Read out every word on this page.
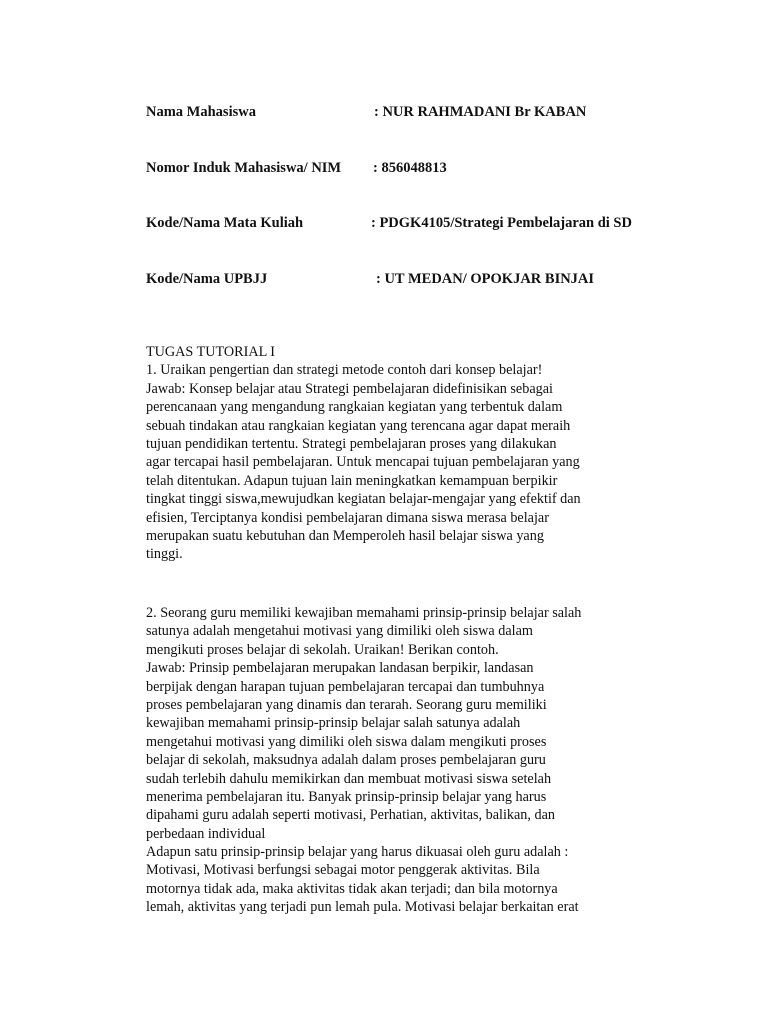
Nama Mahasiswa	: NUR RAHMADANI Br KABAN
Nomor Induk Mahasiswa/ NIM : 856048813
Kode/Nama Mata Kuliah	: PDGK4105/Strategi Pembelajaran di SD
Kode/Nama UPBJJ	: UT MEDAN/ OPOKJAR BINJAI
TUGAS TUTORIAL I
1. Uraikan pengertian dan strategi metode contoh dari konsep belajar!
Jawab: Konsep belajar atau Strategi pembelajaran didefinisikan sebagai
perencanaan yang mengandung rangkaian kegiatan yang terbentuk dalam
sebuah tindakan atau rangkaian kegiatan yang terencana agar dapat meraih
tujuan pendidikan tertentu. Strategi pembelajaran proses yang dilakukan
agar tercapai hasil pembelajaran. Untuk mencapai tujuan pembelajaran yang
telah ditentukan. Adapun tujuan lain meningkatkan kemampuan berpikir
tingkat tinggi siswa,mewujudkan kegiatan belajar-mengajar yang efektif dan
efisien, Terciptanya kondisi pembelajaran dimana siswa merasa belajar
merupakan suatu kebutuhan dan Memperoleh hasil belajar siswa yang
tinggi.
2. Seorang guru memiliki kewajiban memahami prinsip-prinsip belajar salah
satunya adalah mengetahui motivasi yang dimiliki oleh siswa dalam
mengikuti proses belajar di sekolah. Uraikan! Berikan contoh.
Jawab: Prinsip pembelajaran merupakan landasan berpikir, landasan
berpijak dengan harapan tujuan pembelajaran tercapai dan tumbuhnya
proses pembelajaran yang dinamis dan terarah. Seorang guru memiliki
kewajiban memahami prinsip-prinsip belajar salah satunya adalah
mengetahui motivasi yang dimiliki oleh siswa dalam mengikuti proses
belajar di sekolah, maksudnya adalah dalam proses pembelajaran guru
sudah terlebih dahulu memikirkan dan membuat motivasi siswa setelah
menerima pembelajaran itu. Banyak prinsip-prinsip belajar yang harus
dipahami guru adalah seperti motivasi, Perhatian, aktivitas, balikan, dan
perbedaan individual
Adapun satu prinsip-prinsip belajar yang harus dikuasai oleh guru adalah :
Motivasi, Motivasi berfungsi sebagai motor penggerak aktivitas. Bila
motornya tidak ada, maka aktivitas tidak akan terjadi; dan bila motornya
lemah, aktivitas yang terjadi pun lemah pula. Motivasi belajar berkaitan erat
